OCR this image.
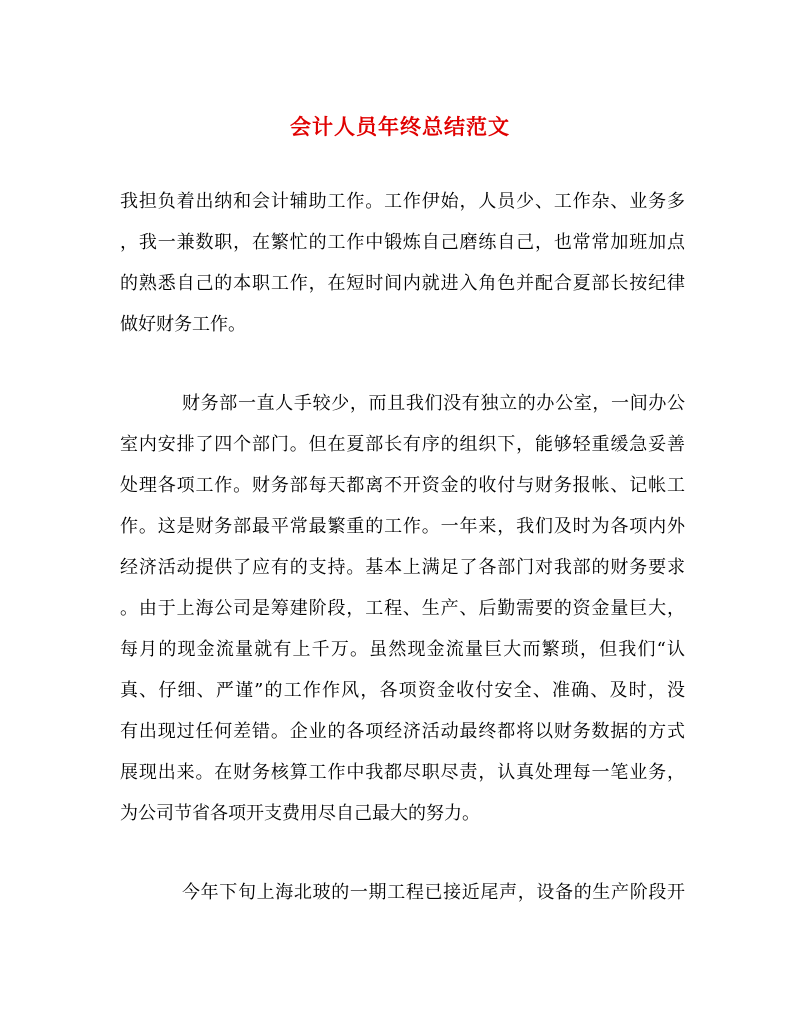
会计人员年终总结范文

我担负着出纳和会计辅助工作。工作伊始，人员少、工作杂、业务多
，我一兼数职，在繁忙的工作中锻炼自己磨练自己，也常常加班加点
的熟悉自己的本职工作，在短时间内就进入角色并配合夏部长按纪律
做好财务工作。

财务部一直人手较少，而且我们没有独立的办公室，一间办公
室内安排了四个部门。但在夏部长有序的组织下，能够轻重缓急妥善
处理各项工作。财务部每天都离不开资金的收付与财务报帐、记帐工
作。这是财务部最平常最繁重的工作。一年来，我们及时为各项内外
经济活动提供了应有的支持。基本上满足了各部门对我部的财务要求
。由于上海公司是筹建阶段，工程、生产、后勤需要的资金量巨大，
每月的现金流量就有上千万。虽然现金流量巨大而繁琐，但我们“认
真、仔细、严谨”的工作作风，各项资金收付安全、准确、及时，没
有出现过任何差错。企业的各项经济活动最终都将以财务数据的方式
展现出来。在财务核算工作中我都尽职尽责，认真处理每一笔业务，
为公司节省各项开支费用尽自己最大的努力。

今年下旬上海北玻的一期工程已接近尾声，设备的生产阶段开
